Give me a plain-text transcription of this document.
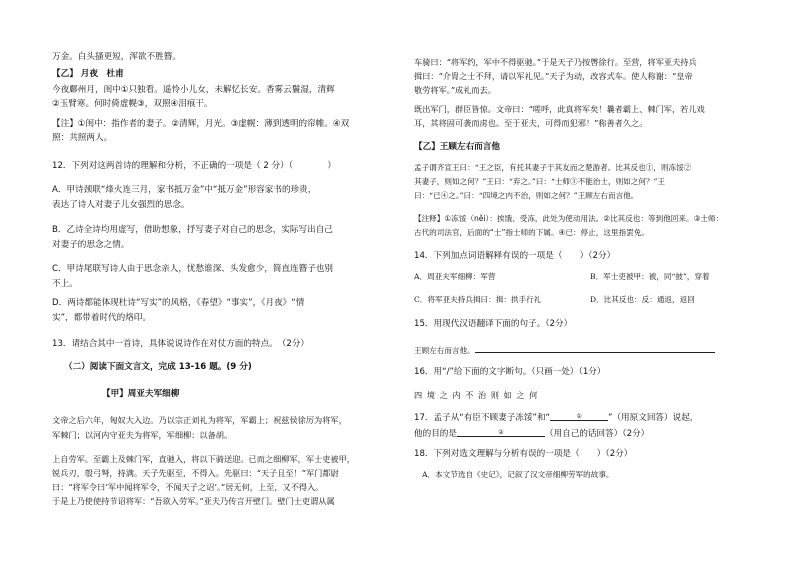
万金。白头搔更短，浑欲不胜簪。
【乙】 月夜　杜甫
今夜鄜州月，闺中①只独看。遥怜小儿女，未解忆长安。香雾云鬟湿，清辉
②玉臂寒。何时倚虚幌③，双照④泪痕干。
【注】①闺中：指作者的妻子。②清辉，月光。③虚幌：薄到透明的帘帷。④双
照：共照两人。
12．下列对这两首诗的理解和分析，不正确的一项是（ 2 分）（　　　　）
A．甲诗颈联“烽火连三月，家书抵万金”中“抵万金”形容家书的珍贵，
表达了诗人对妻子儿女强烈的思念。
B．乙诗全诗均用虚写，借助想象，抒写妻子对自己的思念，实际写出自己
对妻子的思念之情。
C．甲诗尾联写诗人由于思念亲人，忧愁谁深、头发愈少，简直连簪子也别
不上。
D．两诗都能体现杜诗“写实”的风格，《春望》“事实”，《月夜》“情
实”，都带着时代的烙印。
13．请结合其中一首诗，具体说说诗作在对仗方面的特点。　（2分）
（二）阅读下面文言文，完成 13-16 题。(9 分)
【甲】周亚夫军细柳
文帝之后六年，匈奴大入边。乃以宗正刘礼为将军，军霸上；祝兹侯徐厉为将军，
军棘门；以河内守亚夫为将军，军细柳：以备胡。
上自劳军。至霸上及棘门军，直驰入，将以下骑送迎。已而之细柳军，军士吏被甲，
锐兵刃，彀弓弩，持满。天子先驱至，不得入。先驱曰：“天子且至！”军门都尉
曰：“将军令曰‘军中闻将军令，不闻天子之诏’。”居无何，上至，又不得入。
于是上乃使使持节诏将军：“吾欲入劳军。”亚夫乃传言开壁门。壁门士吏谓从属
车骑曰：“将军约，军中不得驱驰。”于是天子乃按辔徐行。至营，将军亚夫持兵
揖曰：“介胄之士不拜，请以军礼见。”天子为动，改容式车。使人称谢：“皇帝
敬劳将军。”成礼而去。
既出军门，群臣皆惊。文帝曰：“嗟呼，此真将军矣！曩者霸上、棘门军，若儿戏
耳，其将固可袭而虏也。至于亚夫，可得而犯邪！”称善者久之。
【乙】王顾左右而言他
孟子谓齐宣王曰：“王之臣，有托其妻子于其友而之楚游者。比其反也①，则冻馁②
其妻子，则如之何？”王曰：“弃之。”曰：“士师③不能治士，则如之何？”王
曰：“已④之。”曰：“四境之内不治，则如之何？”王顾左右而言他。
【注释】①冻馁（něi）：挨饿、受冻，此处为使动用法。②比其反也：等到他回来。③士师：
古代的司法官，后面的“士”指士师的下属。④已：停止，这里指罢免。
14．下列加点词语解释有误的一项是（　　）（2分）
A．周亚夫军细柳：军营	B．军士吏被甲：被，同“披”，穿着
C．将军亚夫持兵揖曰：揖：拱手行礼	D．比其反也：反：通返，返回
15．用现代汉语翻译下面的句子。（2分）
王顾左右而言他。
16．用“/”给下面的文字断句。（只画一处）（1分）
四 境 之 内 不 治 则 如 之 何
17．孟子从“有臣不顾妻子冻馁”和“	①	”（用原文回答）说起，
他的目的是	②	（用自己的话回答）（2分）
18．下列对选文理解与分析有误的一项是（　　）（2分）
A．本文节选自《史记》，记叙了汉文帝细柳劳军的故事。
